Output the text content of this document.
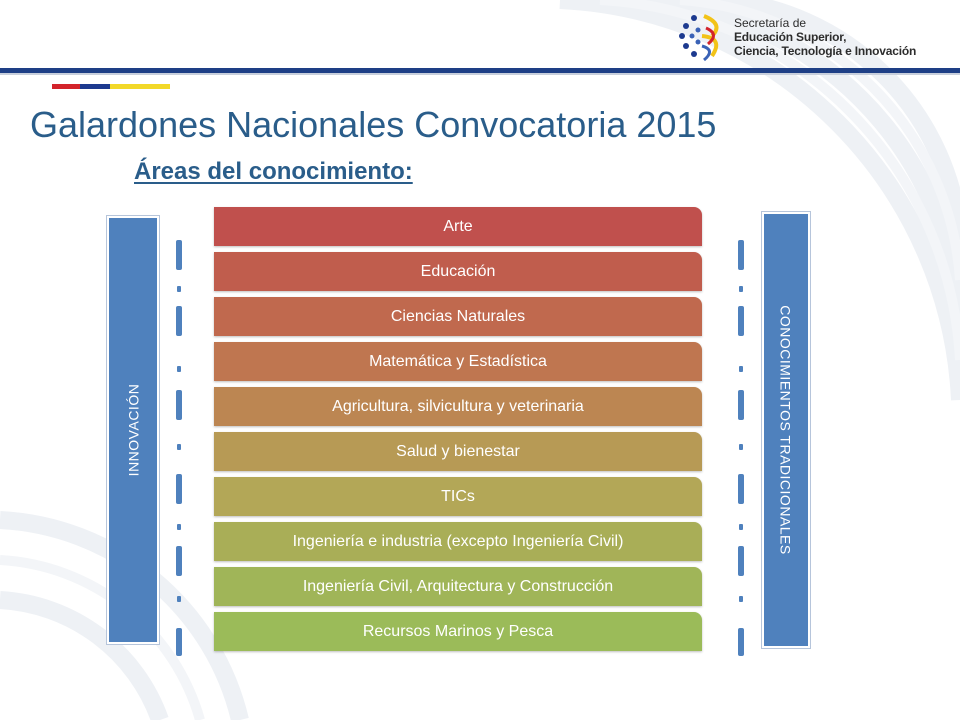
Secretaría de
Educación Superior,
Ciencia, Tecnología e Innovación
Galardones Nacionales Convocatoria 2015
Áreas del conocimiento:
INNOVACIÓN	CONOCIMIENTOS TRADICIONALES
Arte
Educación
Ciencias Naturales
Matemática y Estadística
Agricultura, silvicultura y veterinaria
Salud y bienestar
TICs
Ingeniería e industria (excepto Ingeniería Civil)
Ingeniería Civil, Arquitectura y Construcción
Recursos Marinos y Pesca
